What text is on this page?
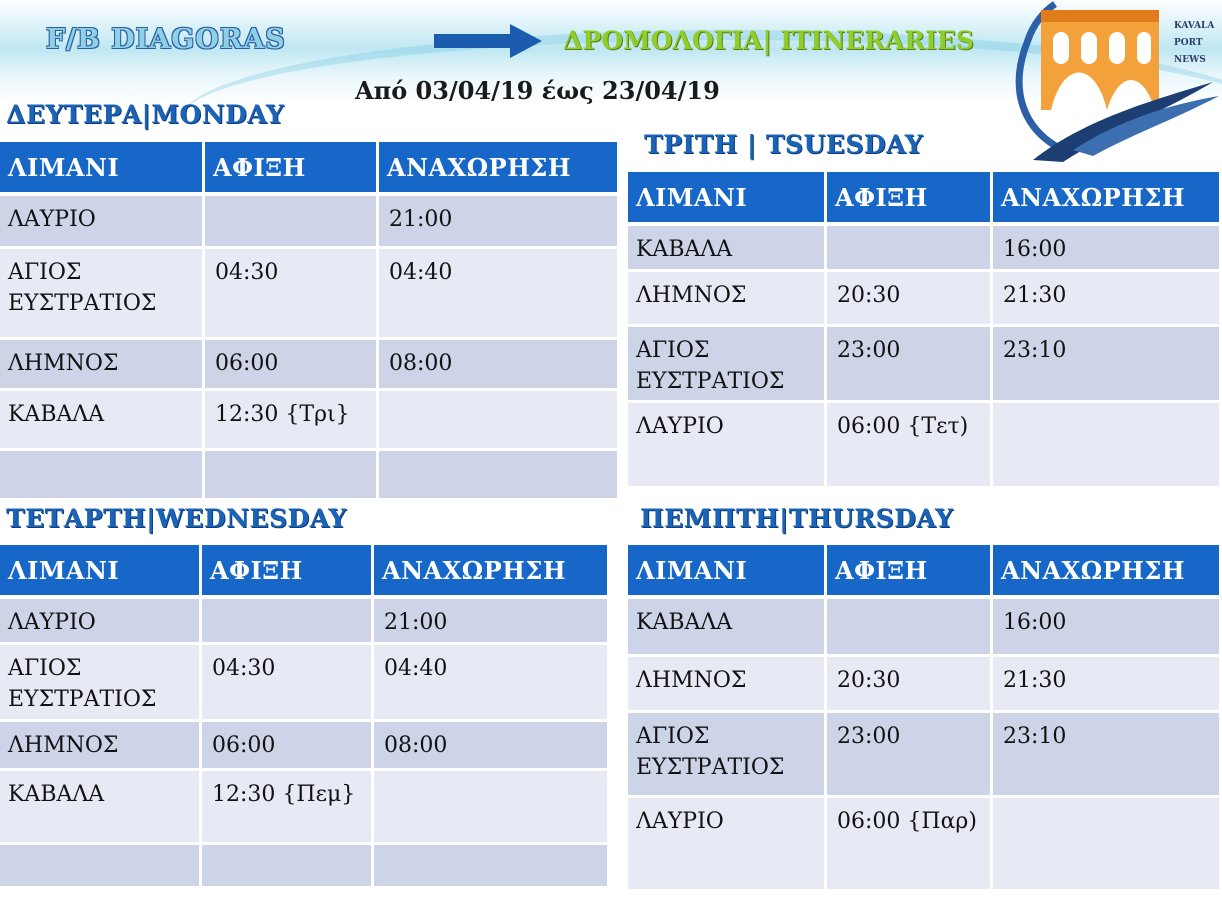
F/B DIAGORAS	ΔΡΟΜΟΛΟΓΙΑ| ITINERARIES
Από 03/04/19 έως 23/04/19
KAVALA
PORT
NEWS
ΔΕΥΤΕΡΑ|MONDAY
ΛΙΜΑΝΙ	ΑΦΙΞΗ	ΑΝΑΧΩΡΗΣΗ
ΛΑΥΡΙΟ		21:00
ΑΓΙΟΣ ΕΥΣΤΡΑΤΙΟΣ	04:30	04:40
ΛΗΜΝΟΣ	06:00	08:00
ΚΑΒΑΛΑ	12:30 {Τρι}	

ΤΡΙΤΗ | TSUESDAY
ΛΙΜΑΝΙ	ΑΦΙΞΗ	ΑΝΑΧΩΡΗΣΗ
ΚΑΒΑΛΑ		16:00
ΛΗΜΝΟΣ	20:30	21:30
ΑΓΙΟΣ ΕΥΣΤΡΑΤΙΟΣ	23:00	23:10
ΛΑΥΡΙΟ	06:00 {Τετ)	
ΤΕΤΑΡΤΗ|WEDNESDAY
ΛΙΜΑΝΙ	ΑΦΙΞΗ	ΑΝΑΧΩΡΗΣΗ
ΛΑΥΡΙΟ		21:00
ΑΓΙΟΣ ΕΥΣΤΡΑΤΙΟΣ	04:30	04:40
ΛΗΜΝΟΣ	06:00	08:00
ΚΑΒΑΛΑ	12:30 {Πεμ}	

ΠΕΜΠΤΗ|THURSDAY
ΛΙΜΑΝΙ	ΑΦΙΞΗ	ΑΝΑΧΩΡΗΣΗ
ΚΑΒΑΛΑ		16:00
ΛΗΜΝΟΣ	20:30	21:30
ΑΓΙΟΣ ΕΥΣΤΡΑΤΙΟΣ	23:00	23:10
ΛΑΥΡΙΟ	06:00 {Παρ)	
